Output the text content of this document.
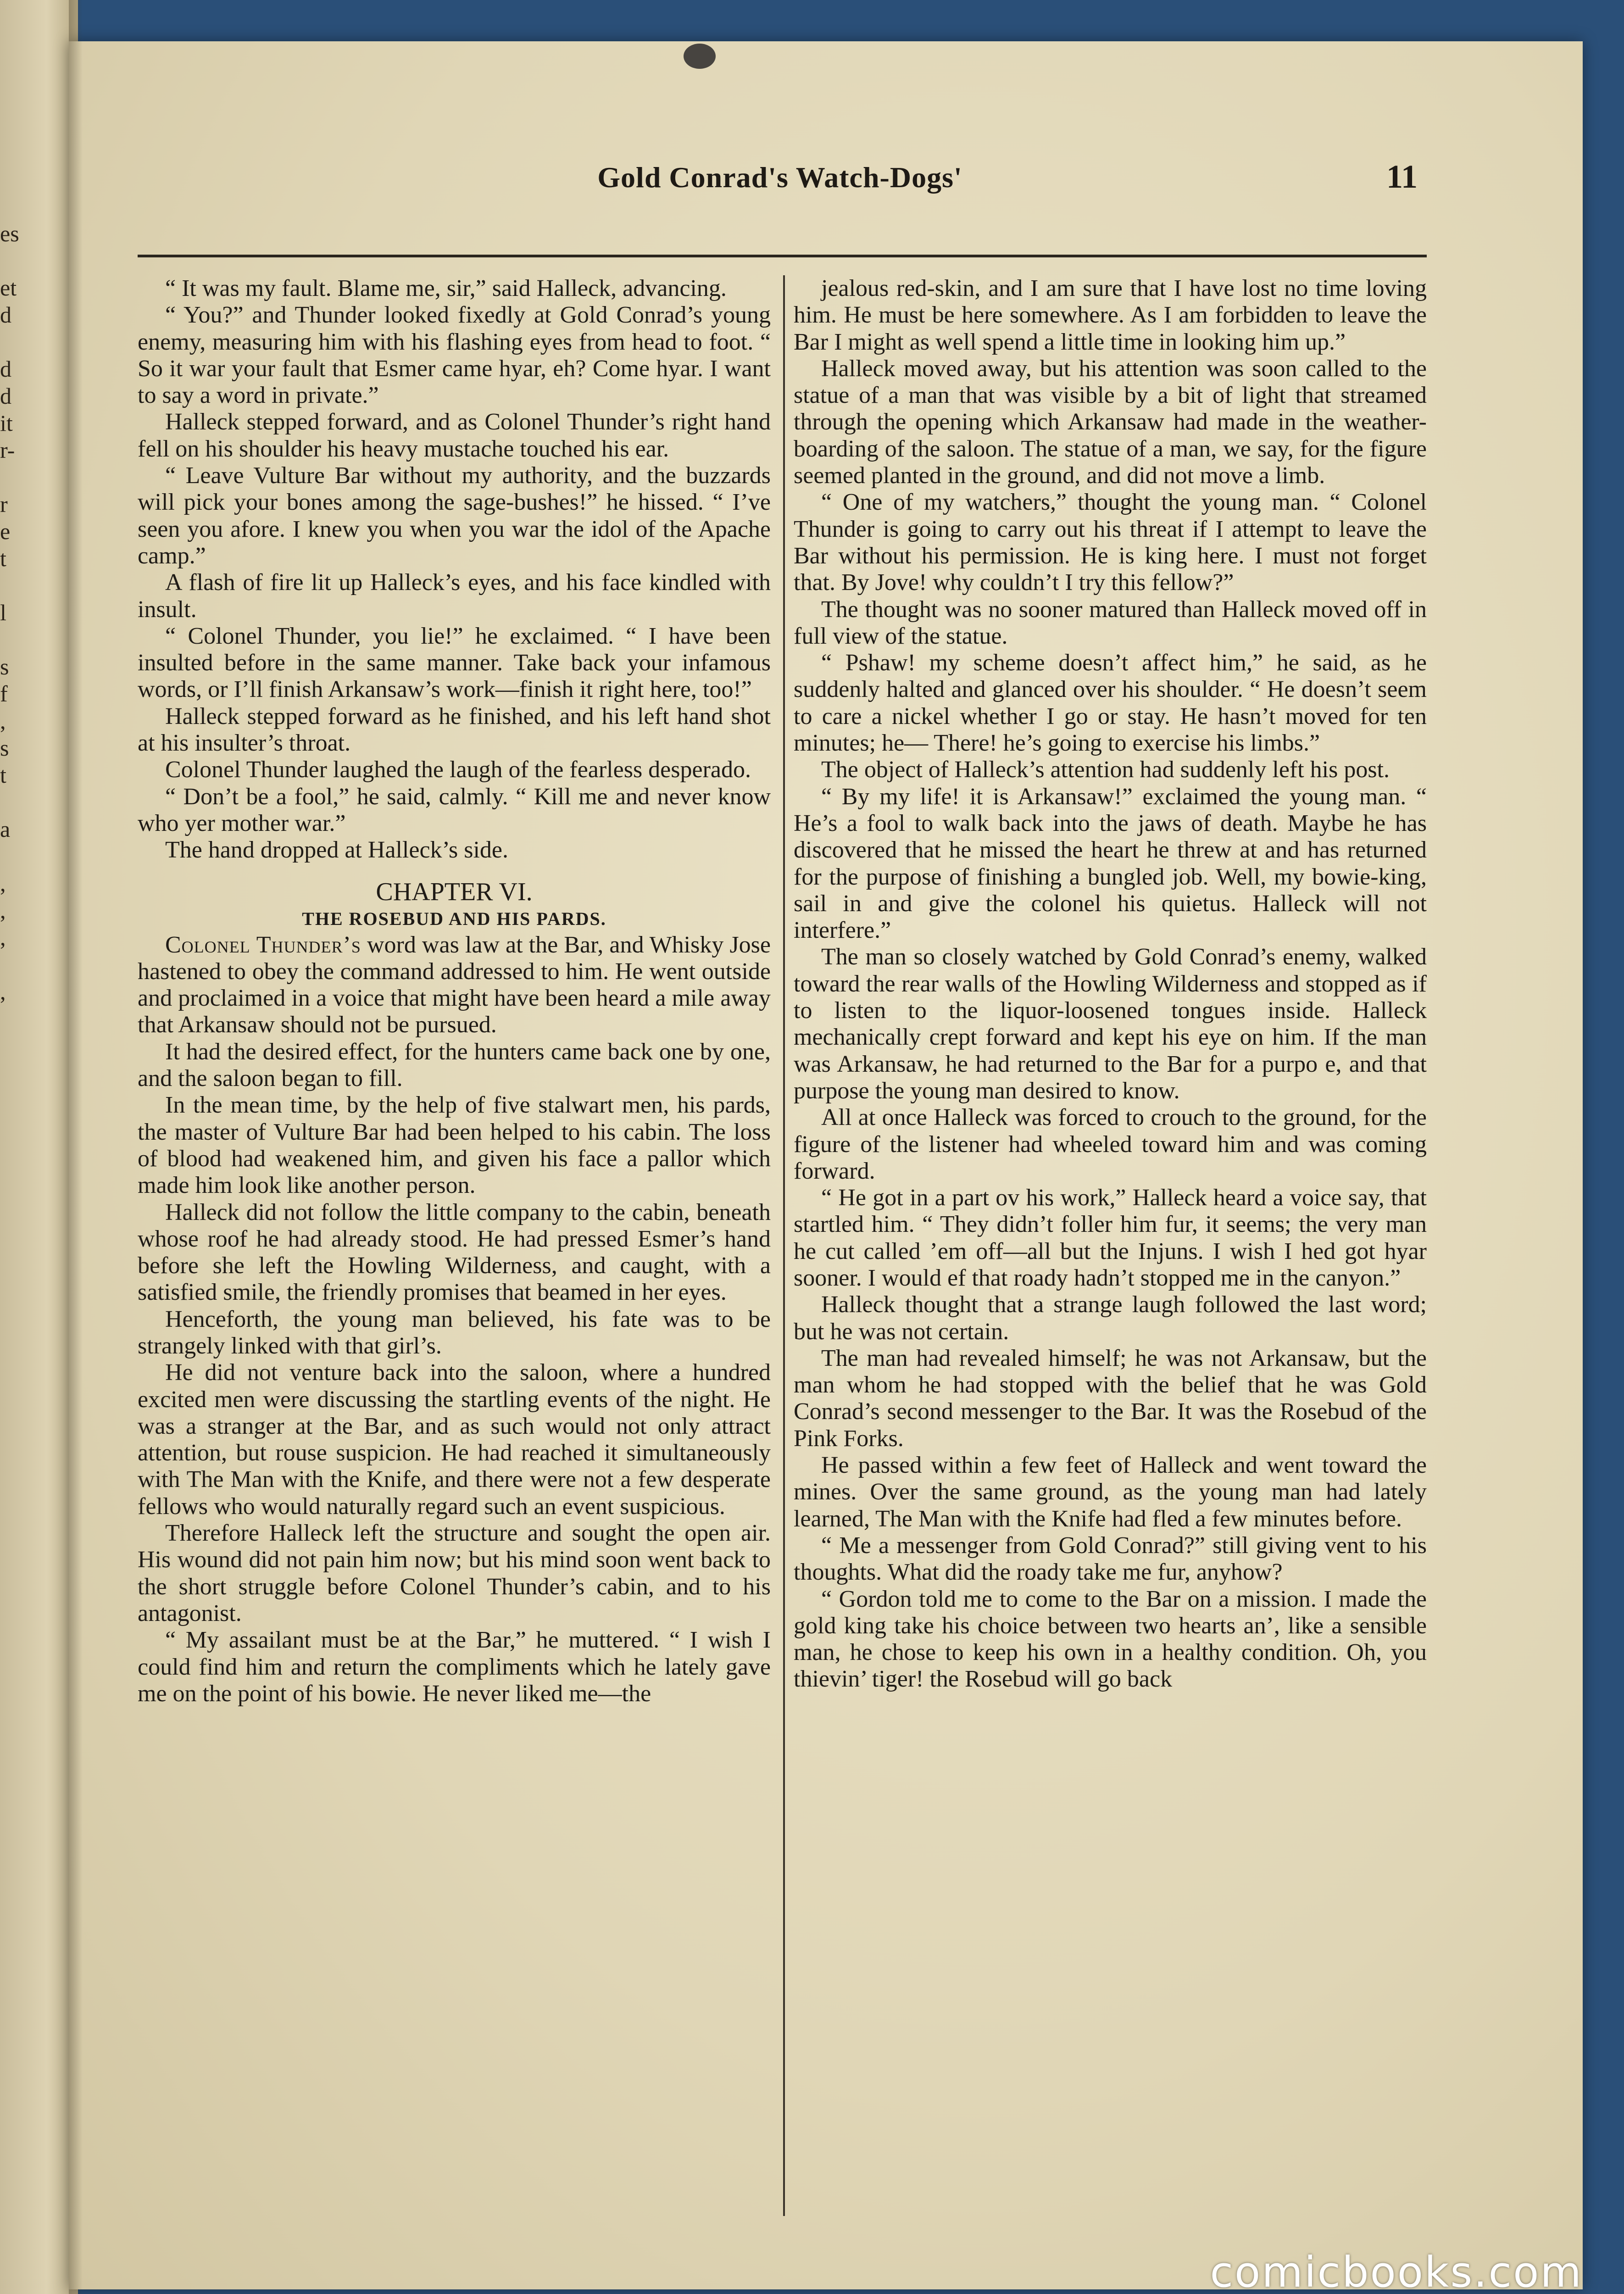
es

et
d

d
d
it
r-

r
e
t

l

s
f
,
s
t

a

,
,
,

,
Gold Conrad's Watch-Dogs'	11

“ It was my fault. Blame me, sir,” said Halleck, advancing.

“ You?” and Thunder looked fixedly at Gold Conrad’s young enemy, measuring him with his flashing eyes from head to foot. “ So it war your fault that Esmer came hyar, eh? Come hyar. I want to say a word in private.”

Halleck stepped forward, and as Colonel Thunder’s right hand fell on his shoulder his heavy mustache touched his ear.

“ Leave Vulture Bar without my authority, and the buzzards will pick your bones among the sage-bushes!” he hissed. “ I’ve seen you afore. I knew you when you war the idol of the Apache camp.”

A flash of fire lit up Halleck’s eyes, and his face kindled with insult.

“ Colonel Thunder, you lie!” he exclaimed. “ I have been insulted before in the same manner. Take back your infamous words, or I’ll finish Arkansaw’s work—finish it right here, too!”

Halleck stepped forward as he finished, and his left hand shot at his insulter’s throat.

Colonel Thunder laughed the laugh of the fearless desperado.

“ Don’t be a fool,” he said, calmly. “ Kill me and never know who yer mother war.”

The hand dropped at Halleck’s side.

CHAPTER VI.
THE ROSEBUD AND HIS PARDS.

Colonel Thunder’s word was law at the Bar, and Whisky Jose hastened to obey the command addressed to him. He went outside and proclaimed in a voice that might have been heard a mile away that Arkansaw should not be pursued.

It had the desired effect, for the hunters came back one by one, and the saloon began to fill.

In the mean time, by the help of five stalwart men, his pards, the master of Vulture Bar had been helped to his cabin. The loss of blood had weakened him, and given his face a pallor which made him look like another person.

Halleck did not follow the little company to the cabin, beneath whose roof he had already stood. He had pressed Esmer’s hand before she left the Howling Wilderness, and caught, with a satisfied smile, the friendly promises that beamed in her eyes.

Henceforth, the young man believed, his fate was to be strangely linked with that girl’s.

He did not venture back into the saloon, where a hundred excited men were discussing the startling events of the night. He was a stranger at the Bar, and as such would not only attract attention, but rouse suspicion. He had reached it simultaneously with The Man with the Knife, and there were not a few desperate fellows who would naturally regard such an event suspicious.

Therefore Halleck left the structure and sought the open air. His wound did not pain him now; but his mind soon went back to the short struggle before Colonel Thunder’s cabin, and to his antagonist.

“ My assailant must be at the Bar,” he muttered. “ I wish I could find him and return the compliments which he lately gave me on the point of his bowie. He never liked me—the

jealous red-skin, and I am sure that I have lost no time loving him. He must be here somewhere. As I am forbidden to leave the Bar I might as well spend a little time in looking him up.”

Halleck moved away, but his attention was soon called to the statue of a man that was visible by a bit of light that streamed through the opening which Arkansaw had made in the weather-boarding of the saloon. The statue of a man, we say, for the figure seemed planted in the ground, and did not move a limb.

“ One of my watchers,” thought the young man. “ Colonel Thunder is going to carry out his threat if I attempt to leave the Bar without his permission. He is king here. I must not forget that. By Jove! why couldn’t I try this fellow?”

The thought was no sooner matured than Halleck moved off in full view of the statue.

“ Pshaw! my scheme doesn’t affect him,” he said, as he suddenly halted and glanced over his shoulder. “ He doesn’t seem to care a nickel whether I go or stay. He hasn’t moved for ten minutes; he— There! he’s going to exercise his limbs.”

The object of Halleck’s attention had suddenly left his post.

“ By my life! it is Arkansaw!” exclaimed the young man. “ He’s a fool to walk back into the jaws of death. Maybe he has discovered that he missed the heart he threw at and has returned for the purpose of finishing a bungled job. Well, my bowie-king, sail in and give the colonel his quietus. Halleck will not interfere.”

The man so closely watched by Gold Conrad’s enemy, walked toward the rear walls of the Howling Wilderness and stopped as if to listen to the liquor-loosened tongues inside. Halleck mechanically crept forward and kept his eye on him. If the man was Arkansaw, he had returned to the Bar for a purpo e, and that purpose the young man desired to know.

All at once Halleck was forced to crouch to the ground, for the figure of the listener had wheeled toward him and was coming forward.

“ He got in a part ov his work,” Halleck heard a voice say, that startled him. “ They didn’t foller him fur, it seems; the very man he cut called ’em off—all but the Injuns. I wish I hed got hyar sooner. I would ef that roady hadn’t stopped me in the canyon.”

Halleck thought that a strange laugh followed the last word; but he was not certain.

The man had revealed himself; he was not Arkansaw, but the man whom he had stopped with the belief that he was Gold Conrad’s second messenger to the Bar. It was the Rosebud of the Pink Forks.

He passed within a few feet of Halleck and went toward the mines. Over the same ground, as the young man had lately learned, The Man with the Knife had fled a few minutes before.

“ Me a messenger from Gold Conrad?” still giving vent to his thoughts. What did the roady take me fur, anyhow?

“ Gordon told me to come to the Bar on a mission. I made the gold king take his choice between two hearts an’, like a sensible man, he chose to keep his own in a healthy condition. Oh, you thievin’ tiger! the Rosebud will go back

comicbooks.com
